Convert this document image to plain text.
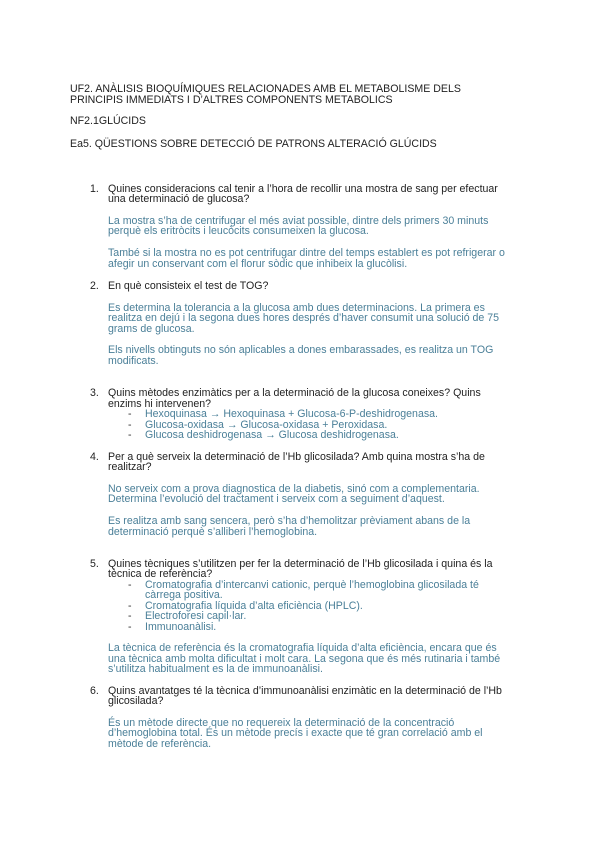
UF2. ANÀLISIS BIOQUÍMIQUES RELACIONADES AMB EL METABOLISME DELS
PRINCIPIS IMMEDIATS I D’ALTRES COMPONENTS METABOLICS
NF2.1GLÚCIDS
Ea5. QÜESTIONS SOBRE DETECCIÓ DE PATRONS ALTERACIÓ GLÚCIDS
1. Quines consideracions cal tenir a l’hora de recollir una mostra de sang per efectuar
una determinació de glucosa?
La mostra s’ha de centrifugar el més aviat possible, dintre dels primers 30 minuts
perquè els eritròcits i leucòcits consumeixen la glucosa.
També si la mostra no es pot centrifugar dintre del temps establert es pot refrigerar o
afegir un conservant com el florur sòdic que inhibeix la glucòlisi.
2. En què consisteix el test de TOG?
Es determina la tolerancia a la glucosa amb dues determinacions. La primera es
realitza en dejú i la segona dues hores després d’haver consumit una solució de 75
grams de glucosa.
Els nivells obtinguts no són aplicables a dones embarassades, es realitza un TOG
modificats.
3. Quins mètodes enzimàtics per a la determinació de la glucosa coneixes? Quins
enzims hi intervenen?
- Hexoquinasa → Hexoquinasa + Glucosa-6-P-deshidrogenasa.
- Glucosa-oxidasa → Glucosa-oxidasa + Peroxidasa.
- Glucosa deshidrogenasa → Glucosa deshidrogenasa.
4. Per a què serveix la determinació de l’Hb glicosilada? Amb quina mostra s’ha de
realitzar?
No serveix com a prova diagnostica de la diabetis, sinó com a complementaria.
Determina l’evolució del tractament i serveix com a seguiment d’aquest.
Es realitza amb sang sencera, però s’ha d’hemolitzar prèviament abans de la
determinació perquè s’alliberi l’hemoglobina.
5. Quines tècniques s’utilitzen per fer la determinació de l’Hb glicosilada i quina és la
tècnica de referència?
- Cromatografia d’intercanvi cationic, perquè l’hemoglobina glicosilada té
càrrega positiva.
- Cromatografia líquida d’alta eficiència (HPLC).
- Electroforesi capil·lar.
- Immunoanàlisi.
La tècnica de referència és la cromatografia líquida d’alta eficiència, encara que és
una tècnica amb molta dificultat i molt cara. La segona que és més rutinaria i també
s’utilitza habitualment es la de immunoanàlisi.
6. Quins avantatges té la tècnica d’immunoanàlisi enzimàtic en la determinació de l’Hb
glicosilada?
És un mètode directe que no requereix la determinació de la concentració
d’hemoglobina total. És un mètode precís i exacte que té gran correlació amb el
mètode de referència.
